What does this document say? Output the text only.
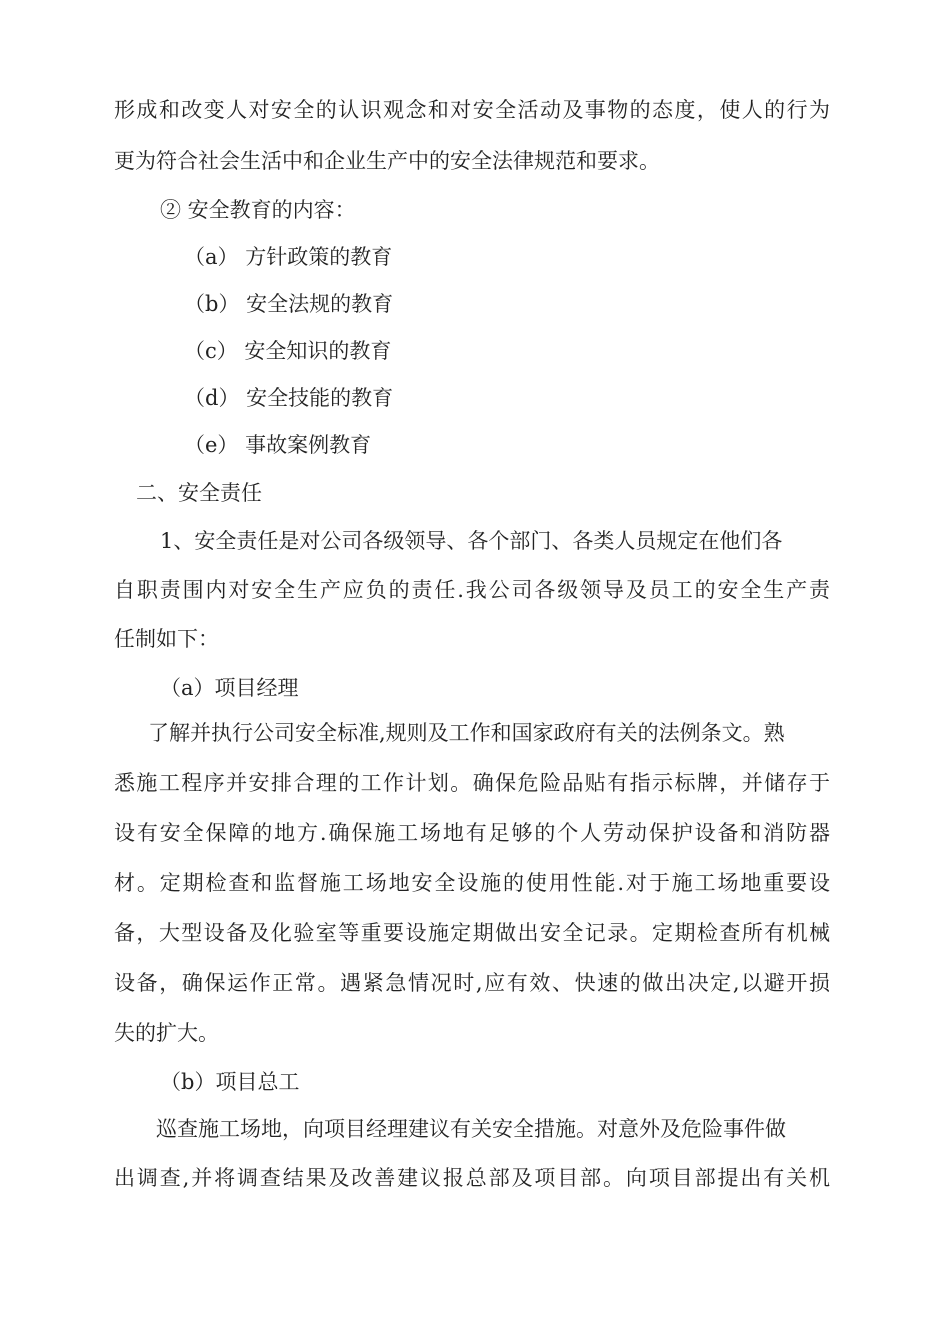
形成和改变人对安全的认识观念和对安全活动及事物的态度，使人的行为
更为符合社会生活中和企业生产中的安全法律规范和要求。
② 安全教育的内容：
（a） 方针政策的教育
（b） 安全法规的教育
（c） 安全知识的教育
（d） 安全技能的教育
（e） 事故案例教育
二、安全责任
1、安全责任是对公司各级领导、各个部门、各类人员规定在他们各
自职责围内对安全生产应负的责任.我公司各级领导及员工的安全生产责
任制如下：
（a）项目经理
了解并执行公司安全标准,规则及工作和国家政府有关的法例条文。熟
悉施工程序并安排合理的工作计划。确保危险品贴有指示标牌，并储存于
设有安全保障的地方.确保施工场地有足够的个人劳动保护设备和消防器
材。定期检查和监督施工场地安全设施的使用性能.对于施工场地重要设
备，大型设备及化验室等重要设施定期做出安全记录。定期检查所有机械
设备，确保运作正常。遇紧急情况时,应有效、快速的做出决定,以避开损
失的扩大。
（b）项目总工
巡查施工场地，向项目经理建议有关安全措施。对意外及危险事件做
出调查,并将调查结果及改善建议报总部及项目部。向项目部提出有关机
